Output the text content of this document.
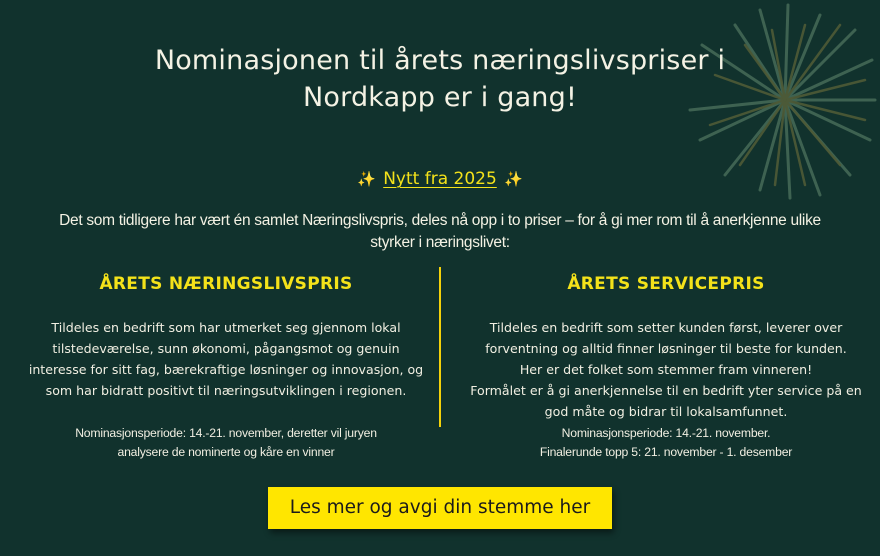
Nominasjonen til årets næringslivspriser i Nordkapp er i gang!
✨ Nytt fra 2025 ✨

Det som tidligere har vært én samlet Næringslivspris, deles nå opp i to priser – for å gi mer rom til å anerkjenne ulike styrker i næringslivet:

ÅRETS NÆRINGSLIVSPRIS

Tildeles en bedrift som har utmerket seg gjennom lokal tilstedeværelse, sunn økonomi, pågangsmot og genuin interesse for sitt fag, bærekraftige løsninger og innovasjon, og som har bidratt positivt til næringsutviklingen i regionen.

Nominasjonsperiode: 14.-21. november, deretter vil juryen
analysere de nominerte og kåre en vinner
ÅRETS SERVICEPRIS
Tildeles en bedrift som setter kunden først, leverer over forventning og alltid finner løsninger til beste for kunden.
Her er det folket som stemmer fram vinneren!
Formålet er å gi anerkjennelse til en bedrift yter service på en god måte og bidrar til lokalsamfunnet.
Nominasjonsperiode: 14.-21. november.
Finalerunde topp 5: 21. november - 1. desember
Les mer og avgi din stemme her
